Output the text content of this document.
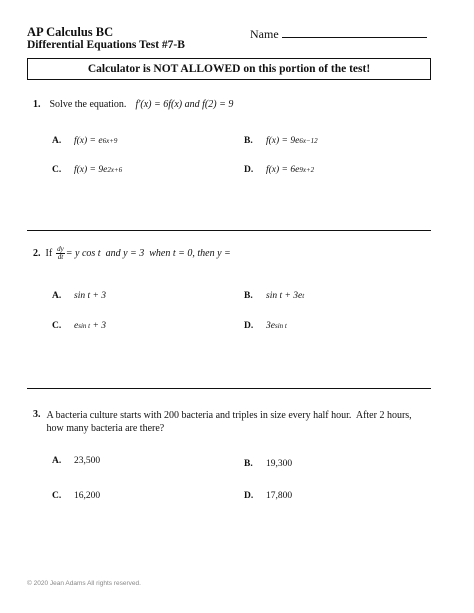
AP Calculus BC
Differential Equations Test #7-B
Name
Calculator is NOT ALLOWED on this portion of the test!
1. Solve the equation. f′(x) = 6f(x) and f(2) = 9
A.	f(x) = e 6x+9	B.	f(x) = 9e 6x−12
C.	f(x) = 9e 2x+6	D.	f(x) = 6e 9x+2
2. If $\frac{dy}{dt} = y$ cos t  and y = 3  when t = 0, then y =
A.	sin t + 3	B.	sin t + 3e t
C.	e sin t + 3	D.	3e sin t
3. A bacteria culture starts with 200 bacteria and triples in size every half hour.  After 2 hours,
how many bacteria are there?
A.	23,500	B.	19,300
C.	16,200	D.	17,800
© 2020 Jean Adams All rights reserved.
